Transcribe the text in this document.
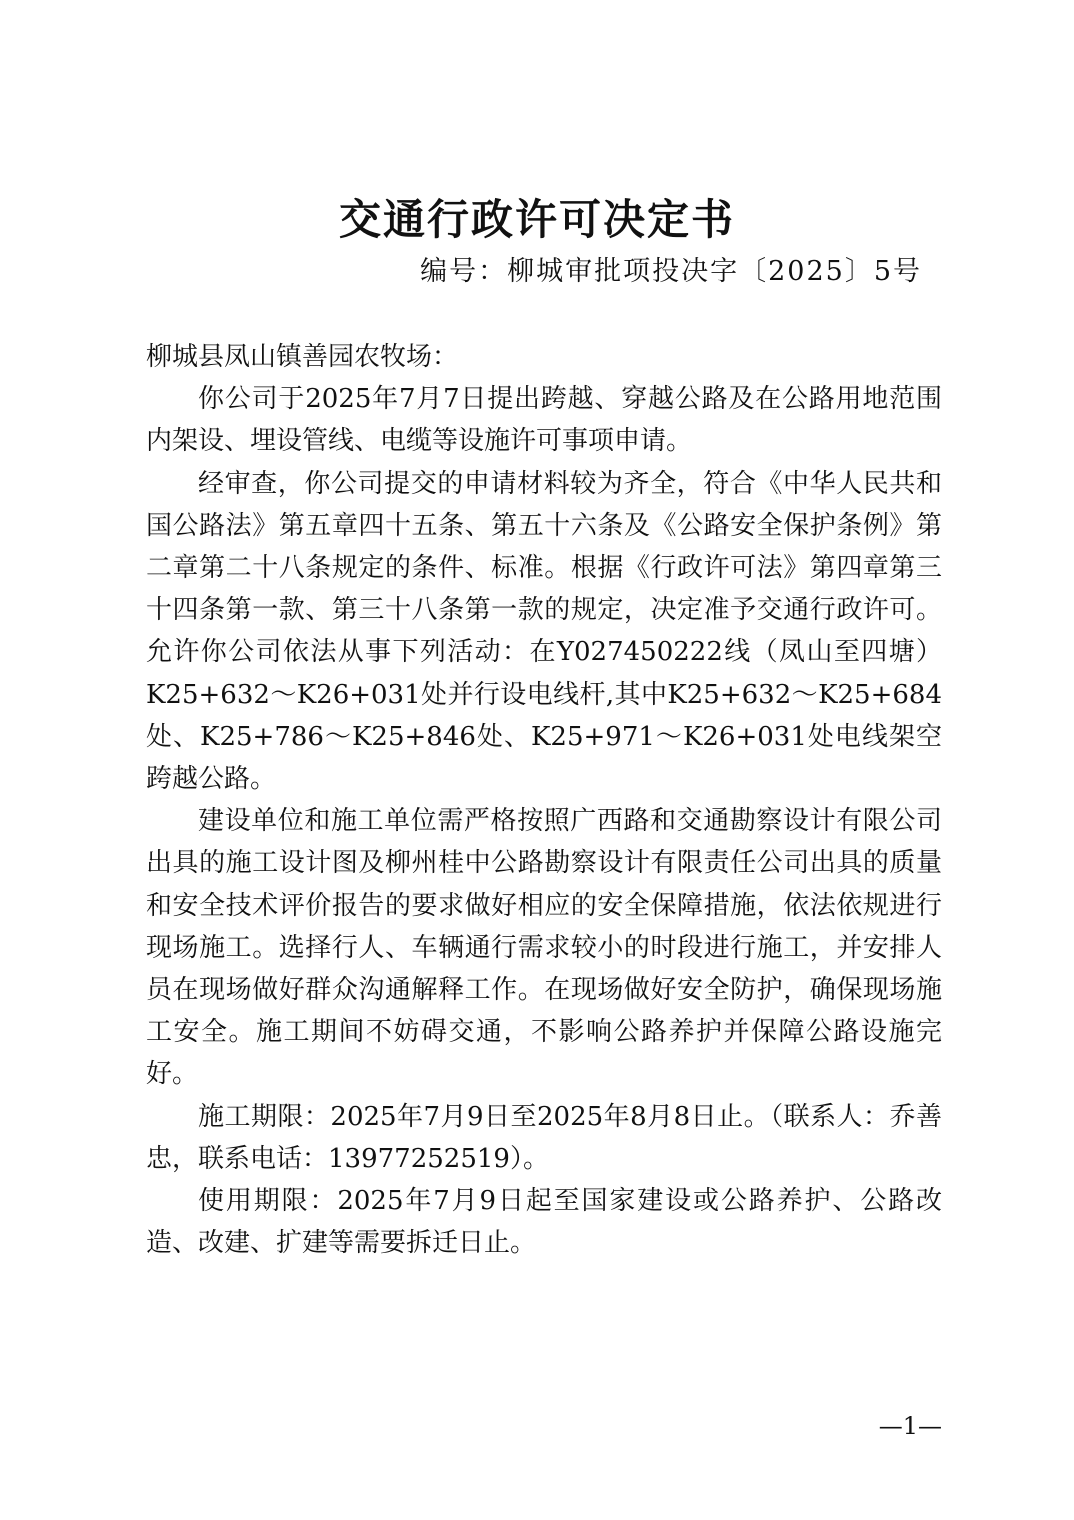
交通行政许可决定书
编号：柳城审批项投决字〔2025〕5号

柳城县凤山镇善园农牧场：

你公司于2025年7月7日提出跨越、穿越公路及在公路用地范围内架设、埋设管线、电缆等设施许可事项申请。

经审查，你公司提交的申请材料较为齐全，符合《中华人民共和国公路法》第五章四十五条、第五十六条及《公路安全保护条例》第二章第二十八条规定的条件、标准。根据《行政许可法》第四章第三十四条第一款、第三十八条第一款的规定，决定准予交通行政许可。允许你公司依法从事下列活动：在Y027450222线（凤山至四塘）K25+632～K26+031处并行设电线杆,其中K25+632～K25+684处、K25+786～K25+846处、K25+971～K26+031处电线架空跨越公路。

建设单位和施工单位需严格按照广西路和交通勘察设计有限公司出具的施工设计图及柳州桂中公路勘察设计有限责任公司出具的质量和安全技术评价报告的要求做好相应的安全保障措施，依法依规进行现场施工。选择行人、车辆通行需求较小的时段进行施工，并安排人员在现场做好群众沟通解释工作。在现场做好安全防护，确保现场施工安全。施工期间不妨碍交通，不影响公路养护并保障公路设施完好。

施工期限：2025年7月9日至2025年8月8日止。（联系人：乔善忠，联系电话：13977252519）。

使用期限：2025年7月9日起至国家建设或公路养护、公路改造、改建、扩建等需要拆迁日止。

—1—
